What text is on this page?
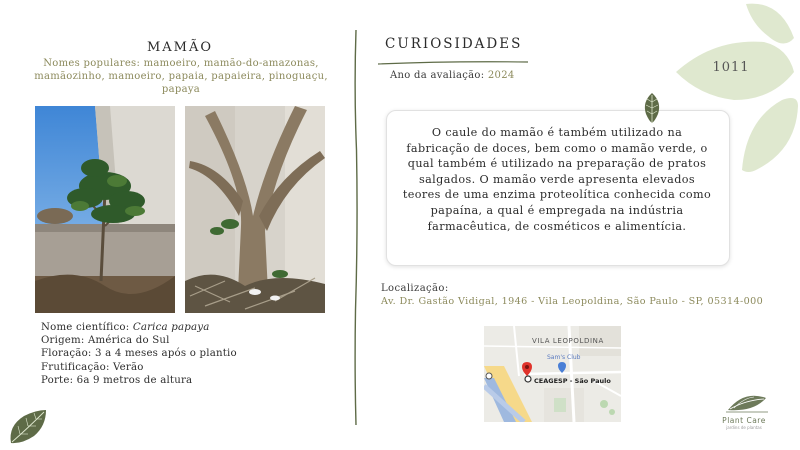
MAMÃO
Nomes populares: mamoeiro, mamão-do-amazonas, mamãozinho, mamoeiro, papaia, papaieira, pinoguaçu, papaya
Nome científico: Carica papaya
Origem: América do Sul
Floração: 3 a 4 meses após o plantio
Frutificação: Verão
Porte: 6a 9 metros de altura
CURIOSIDADES
Ano da avaliação: 2024
O caule do mamão é também utilizado na fabricação de doces, bem como o mamão verde, o qual também é utilizado na preparação de pratos salgados. O mamão verde apresenta elevados teores de uma enzima proteolítica conhecida como papaína, a qual é empregada na indústria farmacêutica, de cosméticos e alimentícia.
Localização:
Av. Dr. Gastão Vidigal, 1946 - Vila Leopoldina, São Paulo - SP, 05314-000
VILA LEOPOLDINA
Sam's Club
CEAGESP - São Paulo
1011
Plant Care
jardins de plantas
